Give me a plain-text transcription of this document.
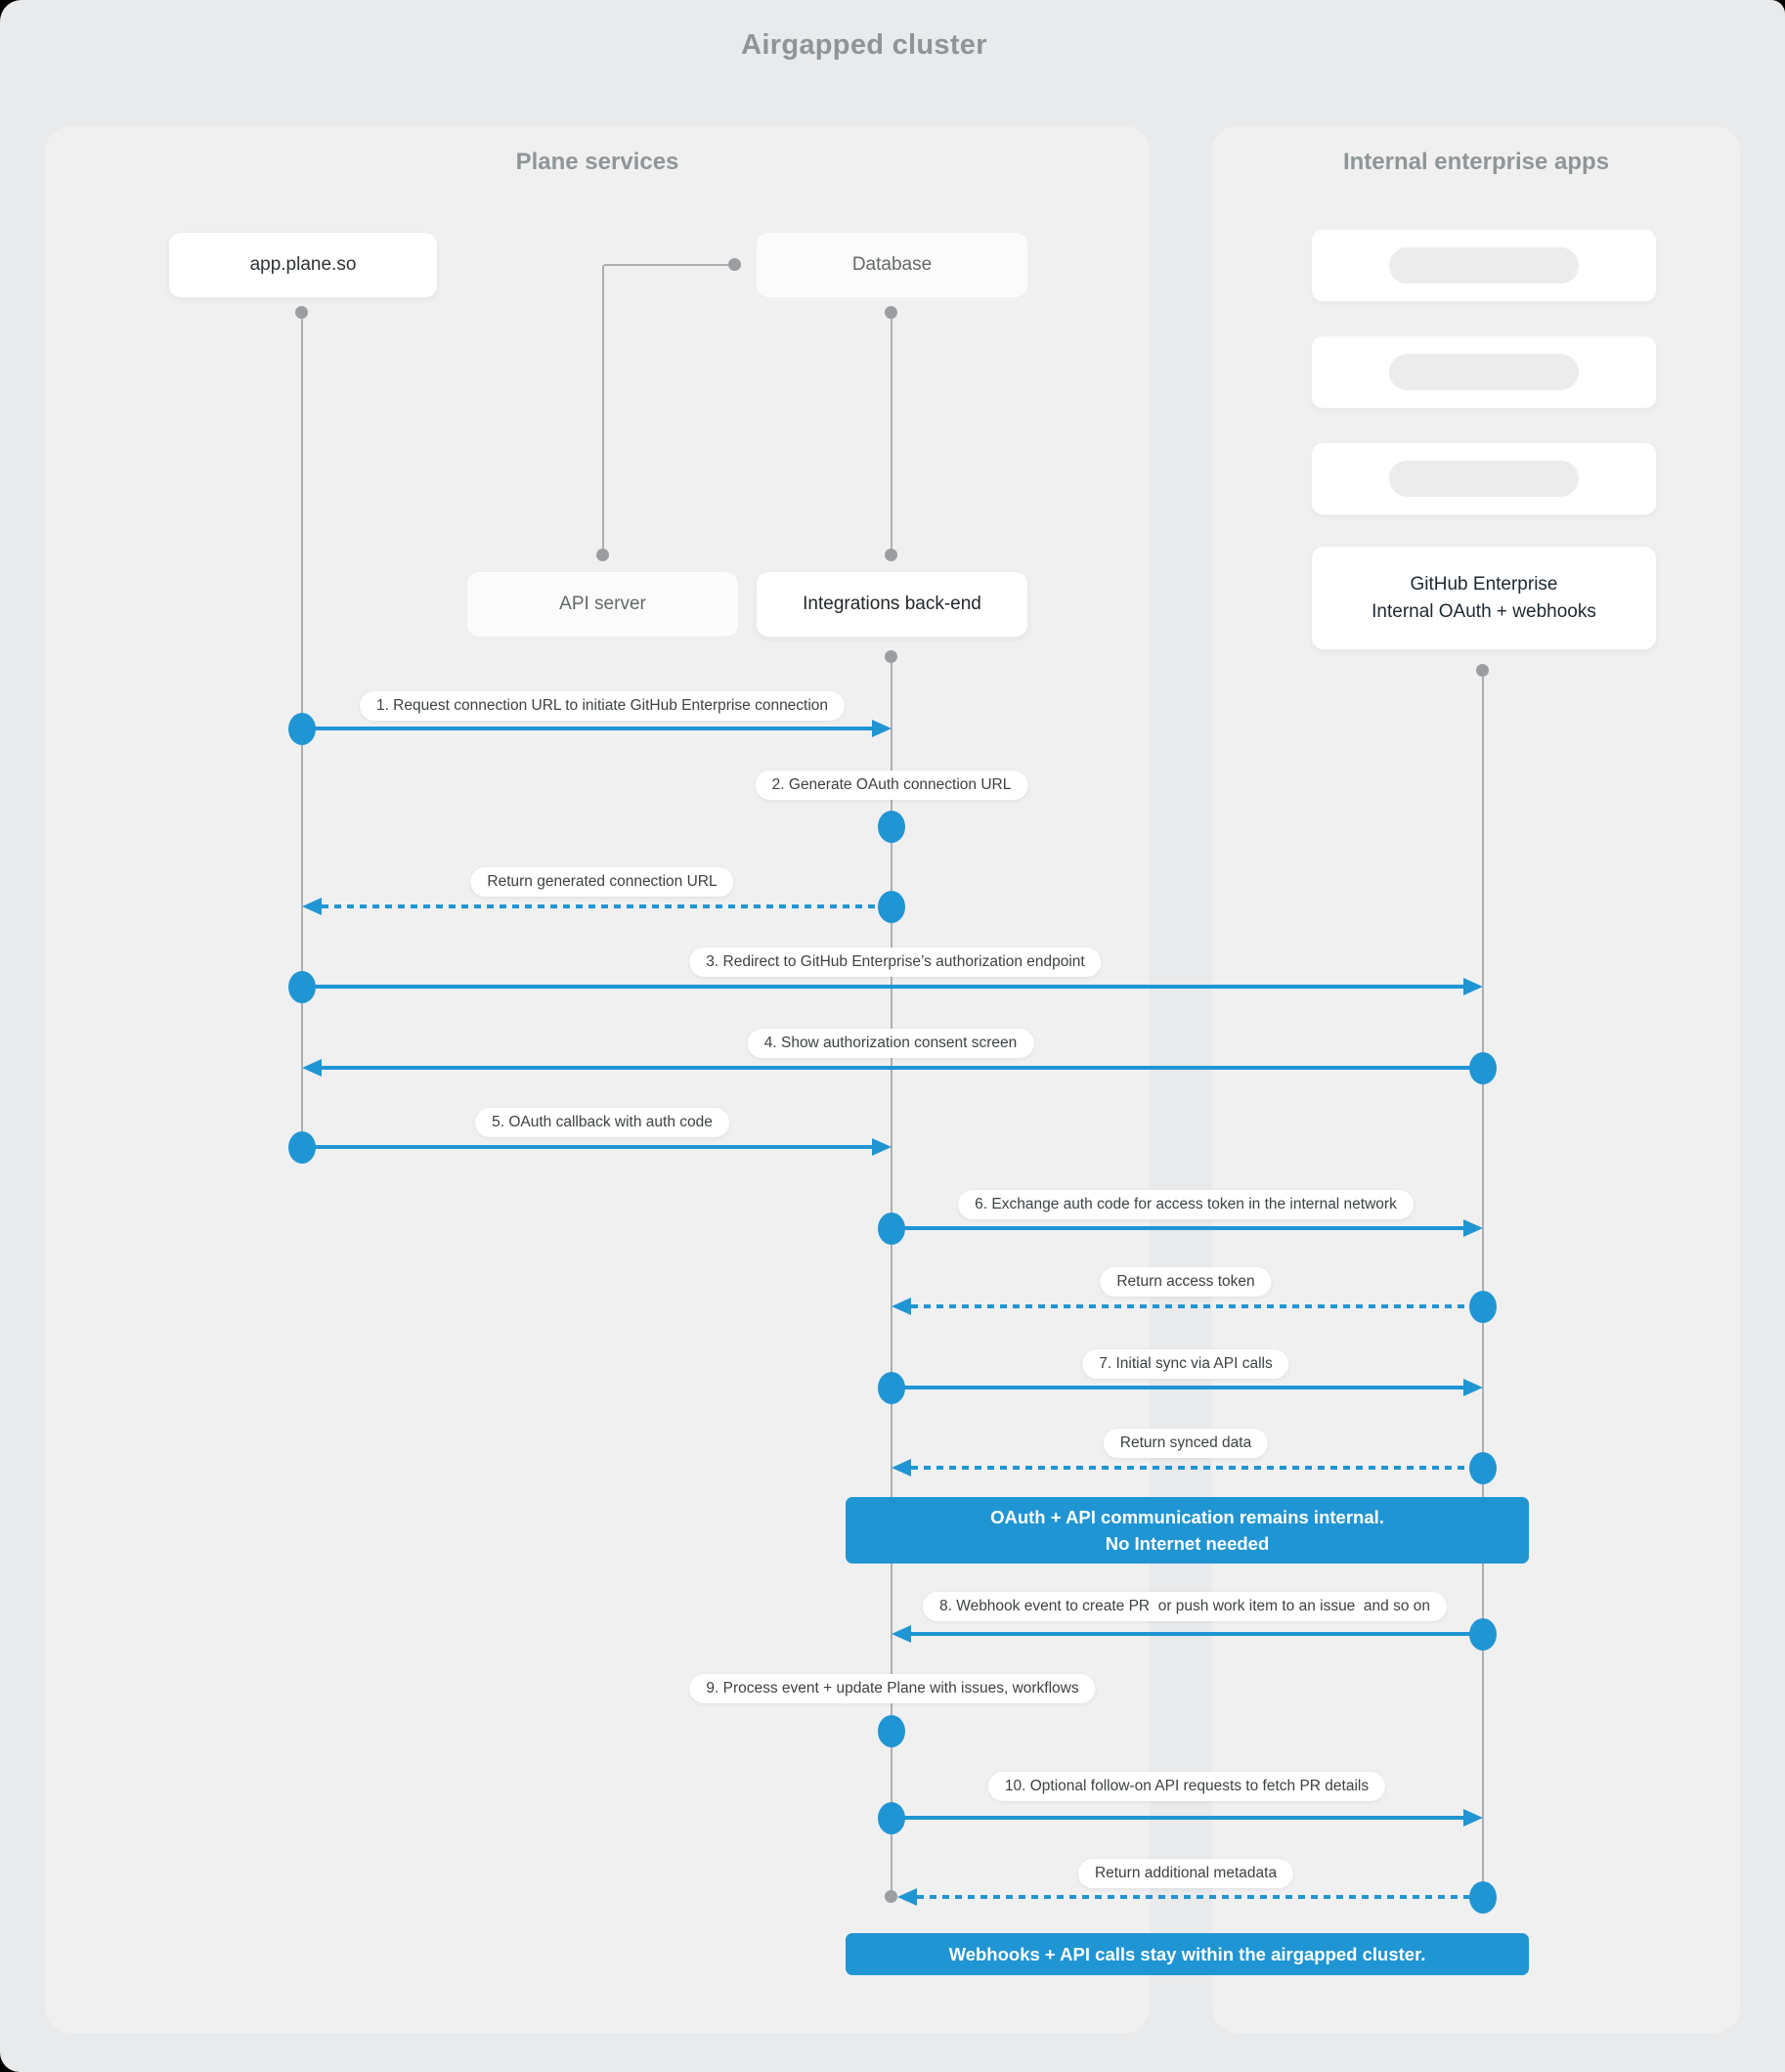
Airgapped cluster
Plane services	Internal enterprise apps
app.plane.so	Database
API server	Integrations back-end
GitHub Enterprise
Internal OAuth + webhooks
1. Request connection URL to initiate GitHub Enterprise connection
2. Generate OAuth connection URL
Return generated connection URL
3. Redirect to GitHub Enterprise’s authorization endpoint
4. Show authorization consent screen
5. OAuth callback with auth code
6. Exchange auth code for access token in the internal network
Return access token
7. Initial sync via API calls
Return synced data
OAuth + API communication remains internal.
No Internet needed
8. Webhook event to create PR  or push work item to an issue  and so on
9. Process event + update Plane with issues, workflows
10. Optional follow-on API requests to fetch PR details
Return additional metadata
Webhooks + API calls stay within the airgapped cluster.
